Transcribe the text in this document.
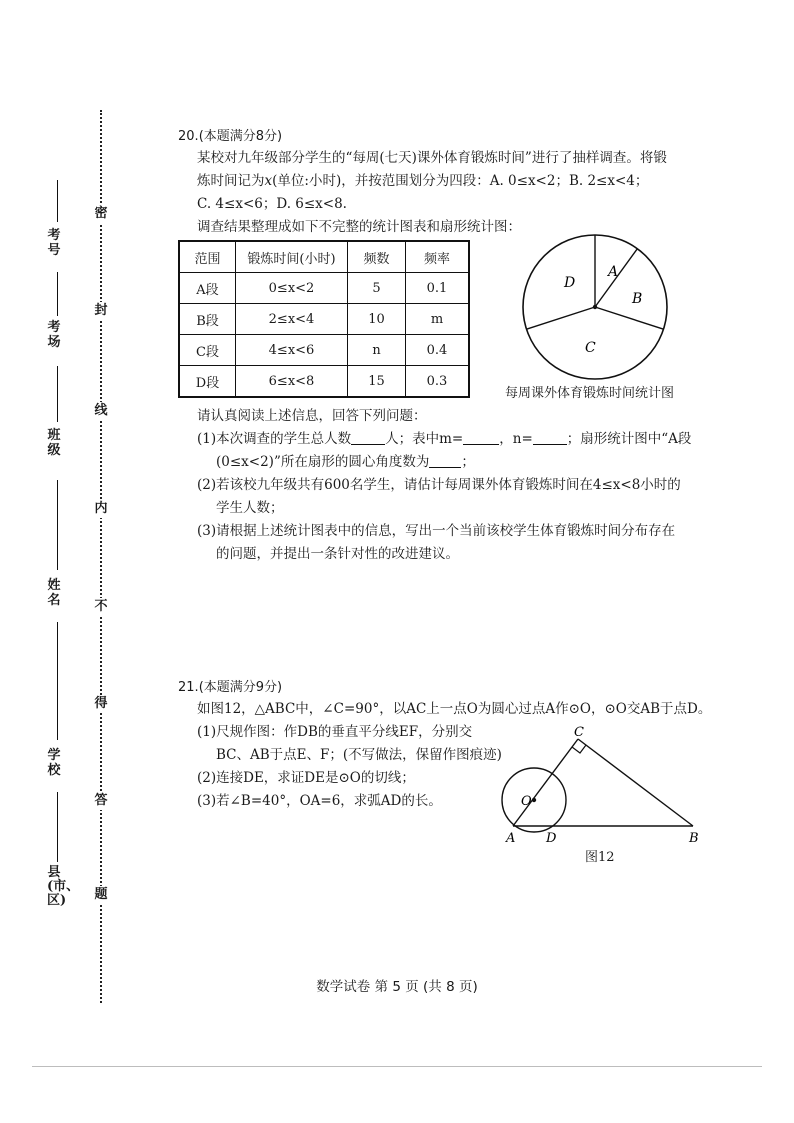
密
封
线
内
不
得
答
题
考号
考场
班级
姓名
学校
县(市、区)
20.(本题满分8分)
某校对九年级部分学生的“每周(七天)课外体育锻炼时间”进行了抽样调查。将锻
炼时间记为x(单位:小时)，并按范围划分为四段：A. 0≤x<2；B. 2≤x<4；
C. 4≤x<6；D. 6≤x<8.
调查结果整理成如下不完整的统计图表和扇形统计图：
范围	锻炼时间(小时)	频数	频率
A段	0≤x<2	5	0.1
B段	2≤x<4	10	m
C段	4≤x<6	n	0.4
D段	6≤x<8	15	0.3
A
B
C
D
每周课外体育锻炼时间统计图
请认真阅读上述信息，回答下列问题：
(1)本次调查的学生总人数	人；表中m=	，n=	；扇形统计图中“A段
(0≤x<2)”所在扇形的圆心角度数为 ；
(2)若该校九年级共有600名学生，请估计每周课外体育锻炼时间在4≤x<8小时的
学生人数；
(3)请根据上述统计图表中的信息，写出一个当前该校学生体育锻炼时间分布存在
的问题，并提出一条针对性的改进建议。
21.(本题满分9分)
如图12，△ABC中，∠C=90°，以AC上一点O为圆心过点A作⊙O，⊙O交AB于点D。
(1)尺规作图：作DB的垂直平分线EF，分别交
BC、AB于点E、F；(不写做法，保留作图痕迹)
(2)连接DE，求证DE是⊙O的切线；
(3)若∠B=40°，OA=6，求弧AD的长。
C
O
A D	B
图12
数学试卷 第 5 页 (共 8 页)
